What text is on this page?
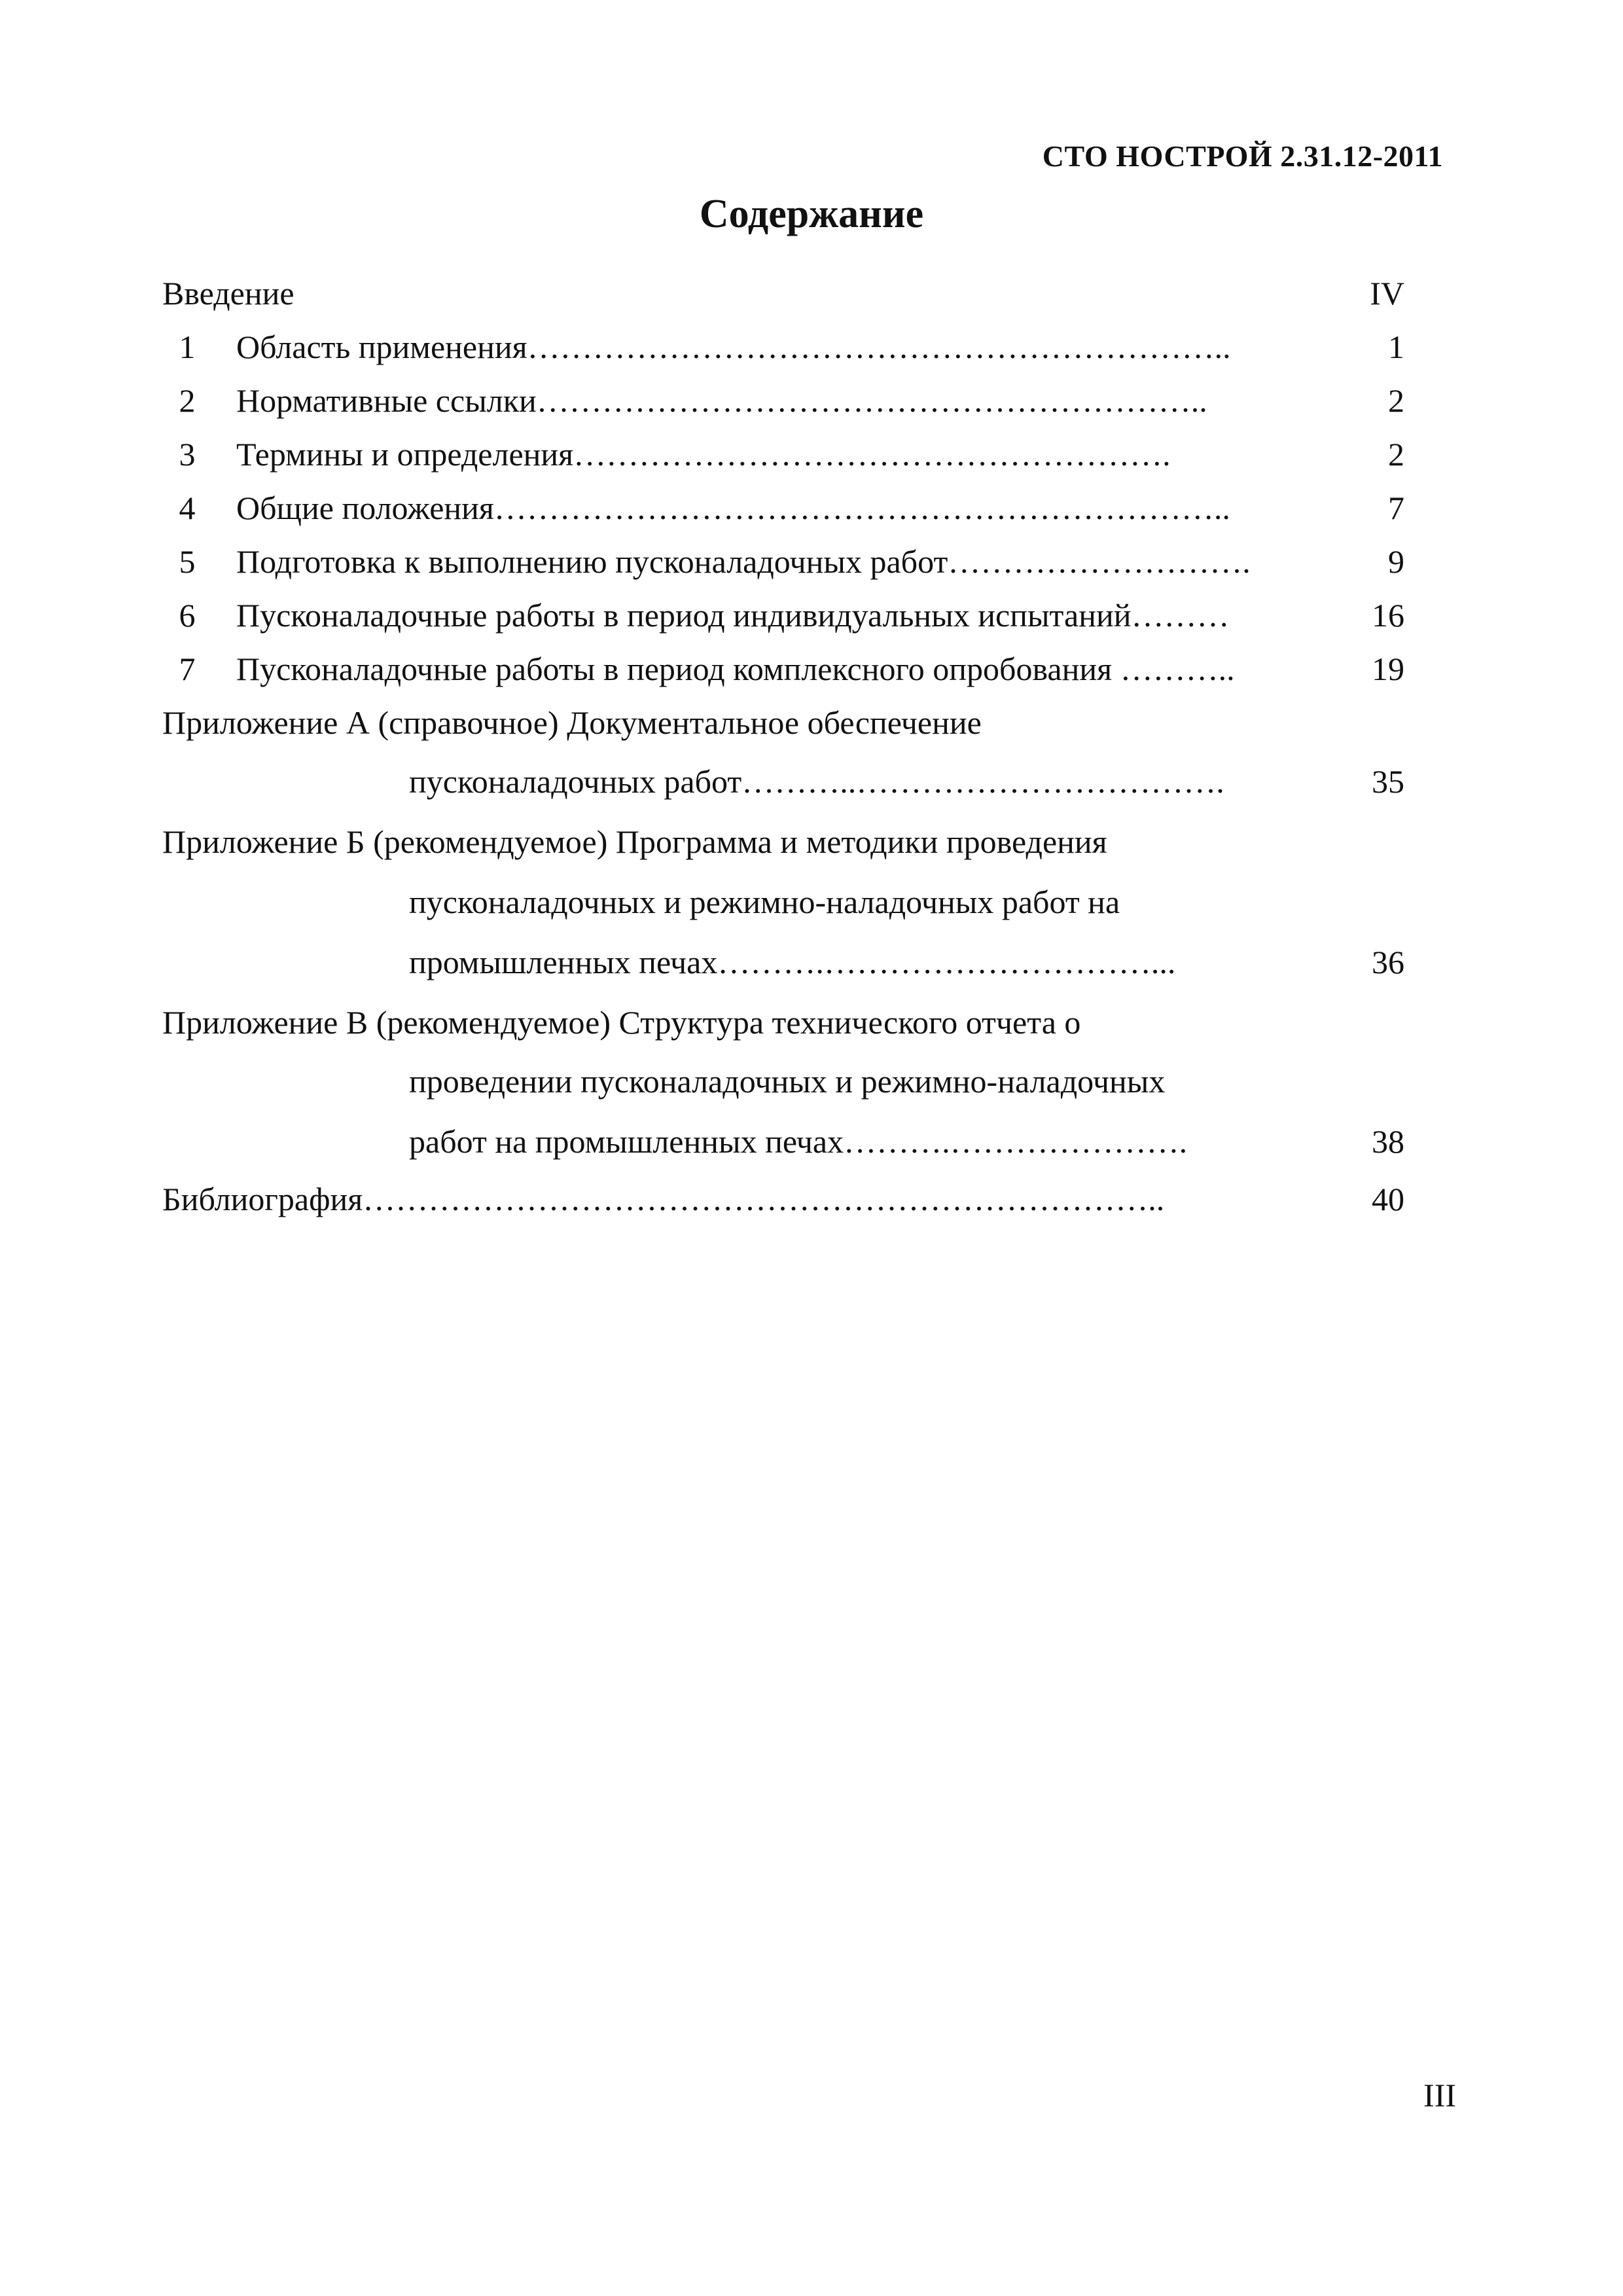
СТО НОСТРОЙ 2.31.12-2011
Содержание
Введение	IV
1 Область применения………………………………………………………..	1
2 Нормативные ссылки……………………………………………………..	2
3 Термины и определения……………………………………………….	2
4 Общие положения…………………………………………………………..	7
5 Подготовка к выполнению пусконаладочных работ……………………….	9
6 Пусконаладочные работы в период индивидуальных испытаний………	16
7 Пусконаладочные работы в период комплексного опробования ………..	19
Приложение А (справочное) Документальное обеспечение
пусконаладочных работ………..…………………………….	35
Приложение Б (рекомендуемое) Программа и методики проведения
пусконаладочных и режимно-наладочных работ на
промышленных печах……….…………………………...	36
Приложение В (рекомендуемое) Структура технического отчета о
проведении пусконаладочных и режимно-наладочных
работ на промышленных печах……….………………….	38
Библиография………………………………………………………………..	40
III
